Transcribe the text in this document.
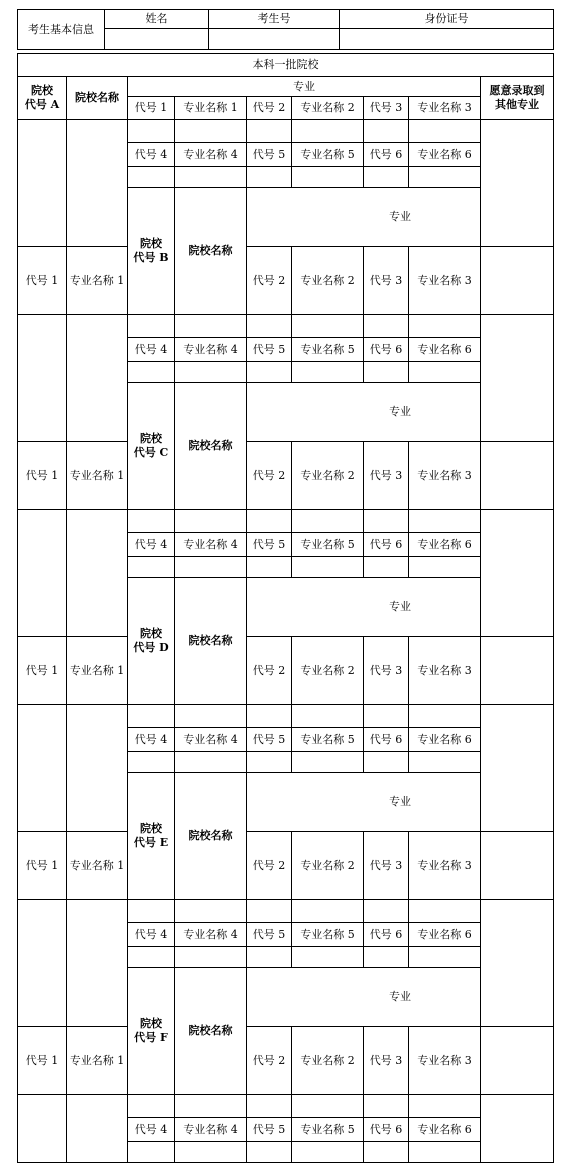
考生基本信息	姓名	考生号	身份证号

本科一批院校									

院校
代号 A	院校名称	专业						愿意录取到
其他专业	

		代号 1	专业名称 1	代号 2	专业名称 2	代号 3	专业名称 3		

		代号 4	专业名称 4	代号 5	专业名称 5	代号 6	专业名称 6		

		院校
代号 B	院校名称	专业	

代号 1	专业名称 1			代号 2	专业名称 2	代号 3	专业名称 3		

		代号 4	专业名称 4	代号 5	专业名称 5	代号 6	专业名称 6		

		院校
代号 C	院校名称	专业	

代号 1	专业名称 1			代号 2	专业名称 2	代号 3	专业名称 3		

		代号 4	专业名称 4	代号 5	专业名称 5	代号 6	专业名称 6		

		院校
代号 D	院校名称	专业	

代号 1	专业名称 1			代号 2	专业名称 2	代号 3	专业名称 3		

		代号 4	专业名称 4	代号 5	专业名称 5	代号 6	专业名称 6		

		院校
代号 E	院校名称	专业	

代号 1	专业名称 1			代号 2	专业名称 2	代号 3	专业名称 3		

		代号 4	专业名称 4	代号 5	专业名称 5	代号 6	专业名称 6		

		院校
代号 F	院校名称	专业	

代号 1	专业名称 1			代号 2	专业名称 2	代号 3	专业名称 3		

		代号 4	专业名称 4	代号 5	专业名称 5	代号 6	专业名称 6		
